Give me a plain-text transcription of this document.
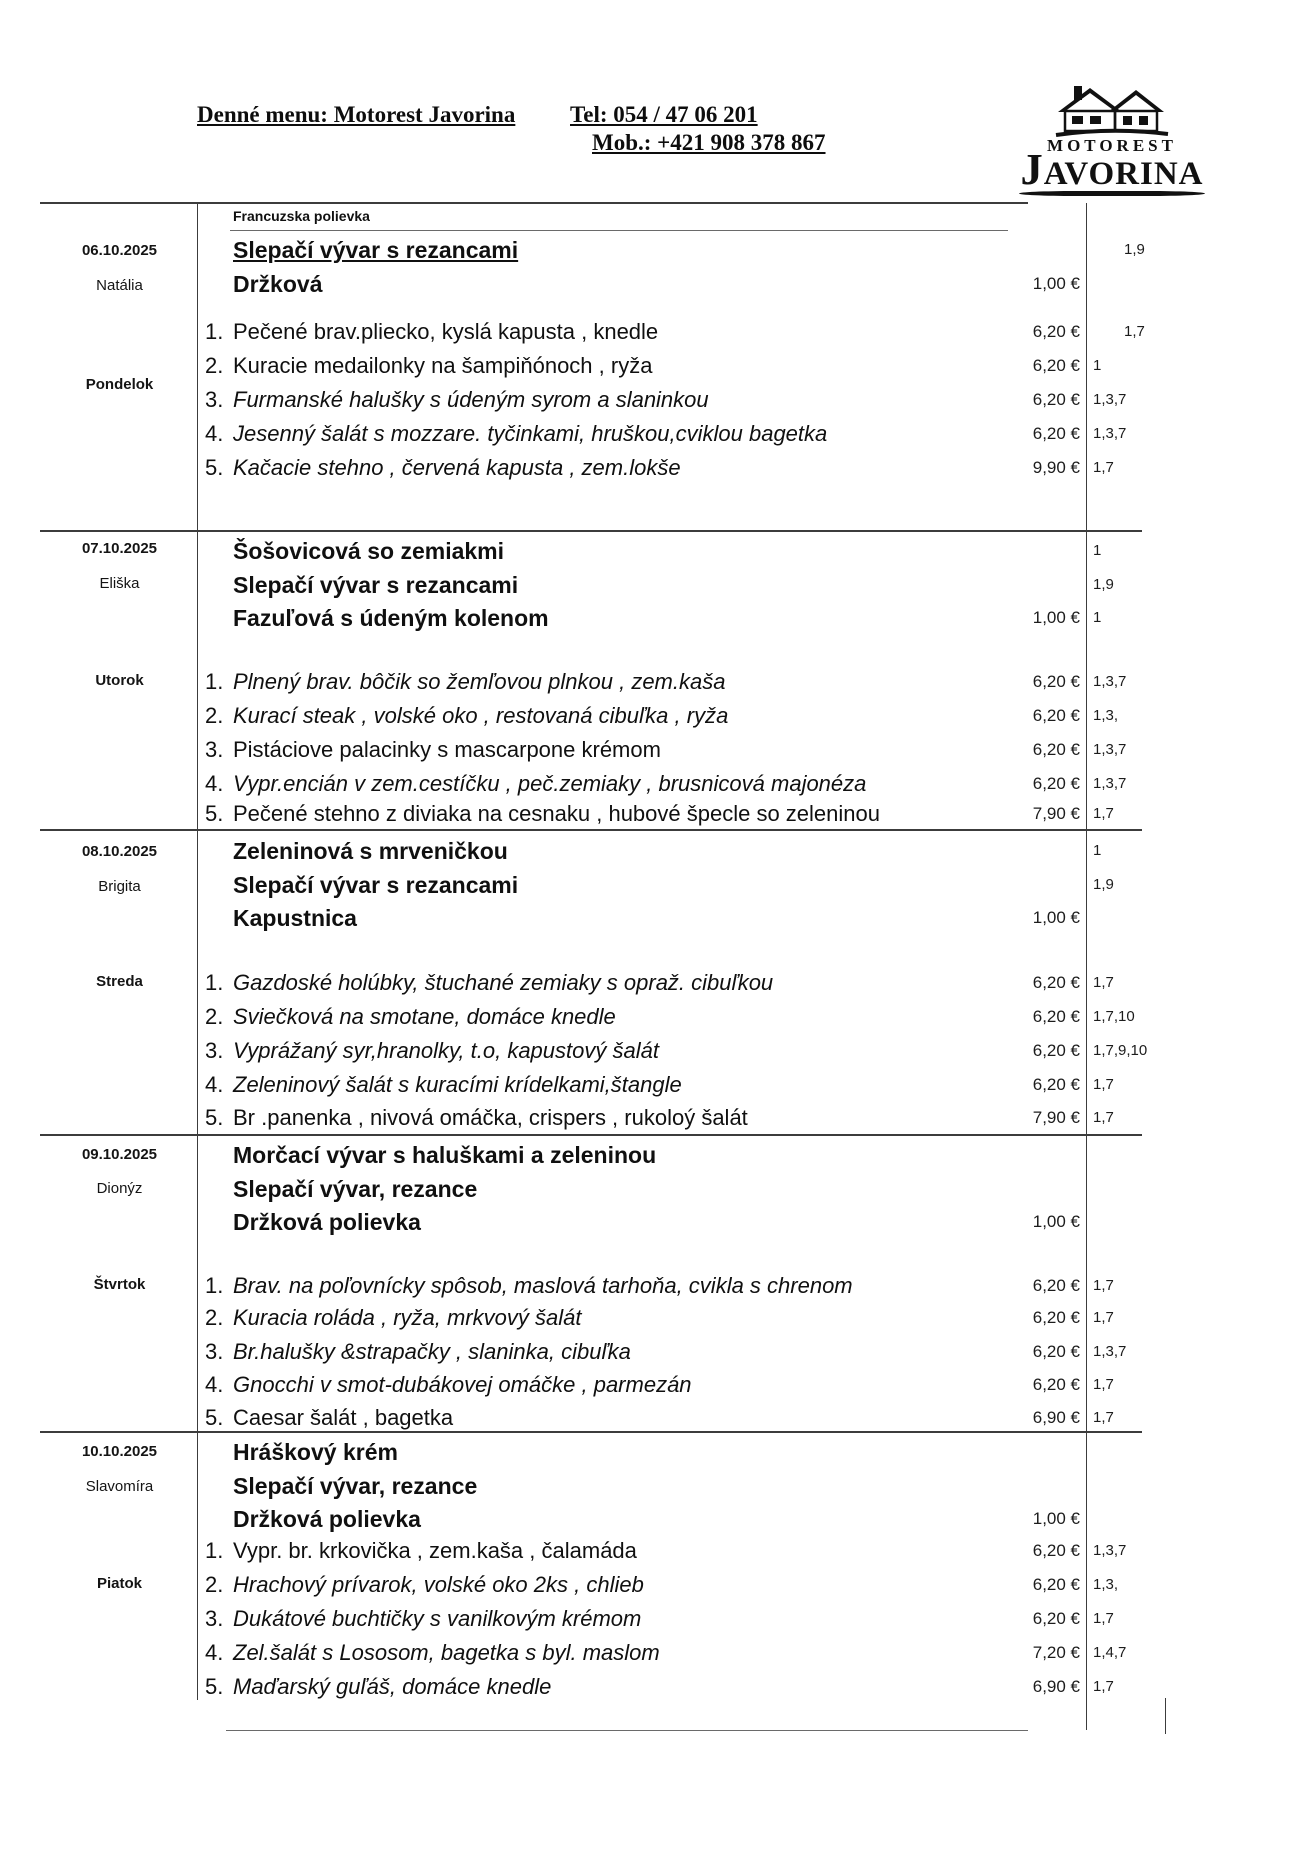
Denné menu: Motorest Javorina Tel: 054 / 47 06 201
Mob.: +421 908 378 867	MOTOREST
JAVORINA
06.10.2025
Natália
Pondelok
Francuzska polievka
Slepačí vývar s rezancami	1,9
Držková	1,00 €
1. Pečené brav.pliecko, kyslá kapusta , knedle	6,20 €	1,7
2. Kuracie medailonky na šampiňónoch , ryža	6,20 € 1
3. Furmanské halušky s údeným syrom a slaninkou	6,20 € 1,3,7
4. Jesenný šalát s mozzare. tyčinkami, hruškou,cviklou bagetka	6,20 € 1,3,7
5. Kačacie stehno , červená kapusta , zem.lokše	9,90 € 1,7
07.10.2025
Eliška
Utorok
Šošovicová so zemiakmi	1
Slepačí vývar s rezancami	1,9
Fazuľová s údeným kolenom	1,00 € 1
1. Plnený brav. bôčik so žemľovou plnkou , zem.kaša	6,20 € 1,3,7
2. Kurací steak , volské oko , restovaná cibuľka , ryža	6,20 € 1,3,
3. Pistáciove palacinky s mascarpone krémom	6,20 € 1,3,7
4. Vypr.encián v zem.cestíčku , peč.zemiaky , brusnicová majonéza	6,20 € 1,3,7
5. Pečené stehno z diviaka na cesnaku , hubové špecle so zeleninou	7,90 € 1,7
08.10.2025
Brigita
Streda
Zeleninová s mrveničkou	1
Slepačí vývar s rezancami	1,9
Kapustnica	1,00 €
1. Gazdoské holúbky, štuchané zemiaky s opraž. cibuľkou	6,20 € 1,7
2. Sviečková na smotane, domáce knedle	6,20 € 1,7,10
3. Vyprážaný syr,hranolky, t.o, kapustový šalát	6,20 € 1,7,9,10
4. Zeleninový šalát s kuracími krídelkami,štangle	6,20 € 1,7
5. Br .panenka , nivová omáčka, crispers , rukoloý šalát	7,90 € 1,7
09.10.2025
Dionýz
Štvrtok
Morčací vývar s haluškami a zeleninou
Slepačí vývar, rezance
Držková polievka	1,00 €
1. Brav. na poľovnícky spôsob, maslová tarhoňa, cvikla s chrenom	6,20 € 1,7
2. Kuracia roláda , ryža, mrkvový šalát	6,20 € 1,7
3. Br.halušky &strapačky , slaninka, cibuľka	6,20 € 1,3,7
4. Gnocchi v smot-dubákovej omáčke , parmezán	6,20 € 1,7
5. Caesar šalát , bagetka	6,90 € 1,7
10.10.2025
Slavomíra
Piatok
Hráškový krém
Slepačí vývar, rezance
Držková polievka	1,00 €
1. Vypr. br. krkovička , zem.kaša , čalamáda	6,20 € 1,3,7
2. Hrachový prívarok, volské oko 2ks , chlieb	6,20 € 1,3,
3. Dukátové buchtičky s vanilkovým krémom	6,20 € 1,7
4. Zel.šalát s Lososom, bagetka s byl. maslom	7,20 € 1,4,7
5. Maďarský guľáš, domáce knedle	6,90 € 1,7
